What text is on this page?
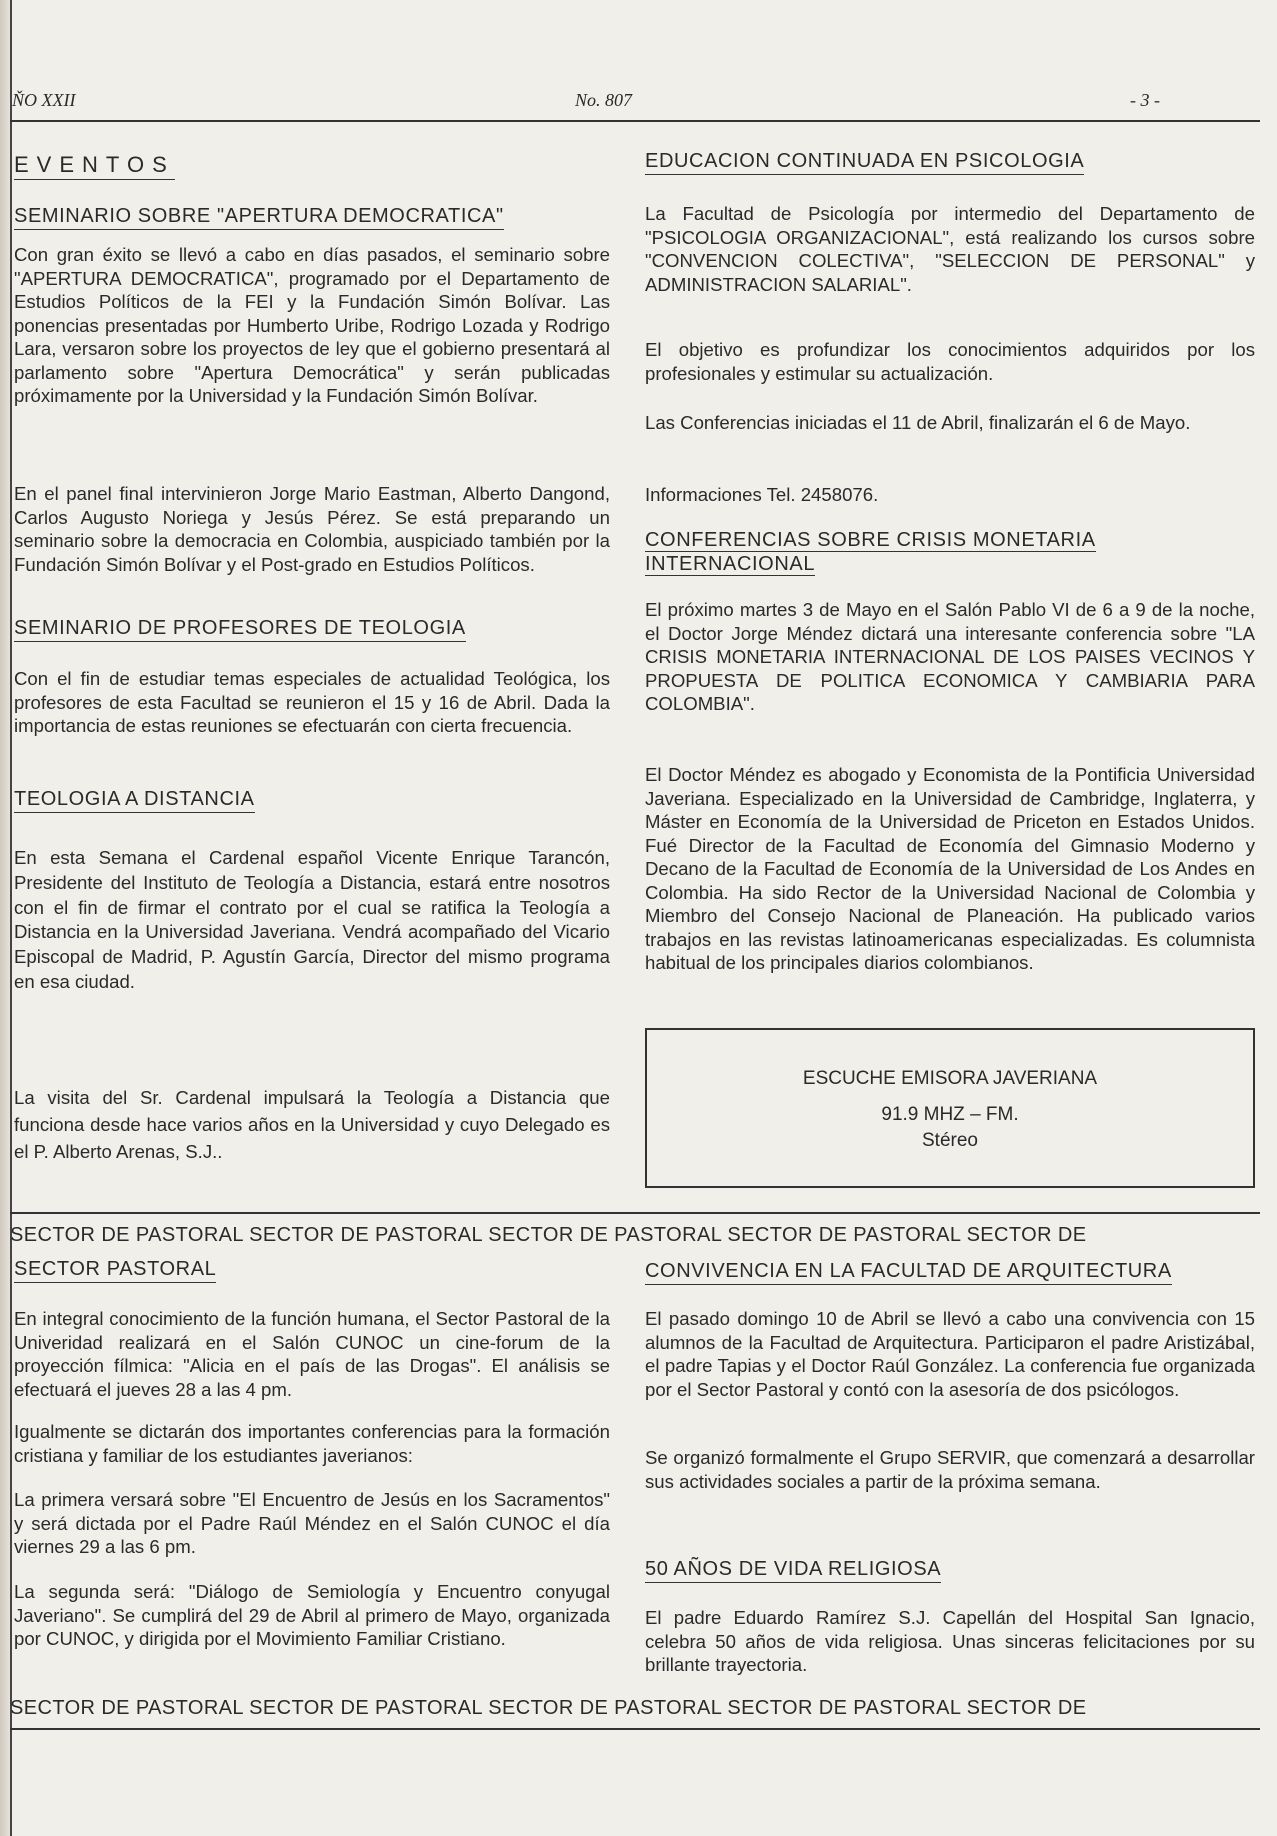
ŇO XXII	No. 807	- 3 -
EVENTOS
SEMINARIO SOBRE "APERTURA DEMOCRATICA"

Con gran éxito se llevó a cabo en días pasados, el seminario sobre "APERTURA DEMOCRATICA", programado por el Departamento de Estudios Políticos de la FEI y la Fundación Simón Bolívar. Las ponencias presentadas por Humberto Uribe, Rodrigo Lozada y Rodrigo Lara, versaron sobre los proyectos de ley que el gobierno presentará al parlamento sobre "Apertura Democrática" y serán publicadas próximamente por la Universidad y la Fundación Simón Bolívar.

En el panel final intervinieron Jorge Mario Eastman, Alberto Dangond, Carlos Augusto Noriega y Jesús Pérez. Se está preparando un seminario sobre la democracia en Colombia, auspiciado también por la Fundación Simón Bolívar y el Post-grado en Estudios Políticos.

SEMINARIO DE PROFESORES DE TEOLOGIA

Con el fin de estudiar temas especiales de actualidad Teológica, los profesores de esta Facultad se reunieron el 15 y 16 de Abril. Dada la importancia de estas reuniones se efectuarán con cierta frecuencia.

TEOLOGIA A DISTANCIA

En esta Semana el Cardenal español Vicente Enrique Tarancón, Presidente del Instituto de Teología a Distancia, estará entre nosotros con el fin de firmar el contrato por el cual se ratifica la Teología a Distancia en la Universidad Javeriana. Vendrá acompañado del Vicario Episcopal de Madrid, P. Agustín García, Director del mismo programa en esa ciudad.

La visita del Sr. Cardenal impulsará la Teología a Distancia que funciona desde hace varios años en la Universidad y cuyo Delegado es el P. Alberto Arenas, S.J..

EDUCACION CONTINUADA EN PSICOLOGIA

La Facultad de Psicología por intermedio del Departamento de "PSICOLOGIA ORGANIZACIONAL", está realizando los cursos sobre "CONVENCION COLECTIVA", "SELECCION DE PERSONAL" y ADMINISTRACION SALARIAL".

El objetivo es profundizar los conocimientos adquiridos por los profesionales y estimular su actualización.

Las Conferencias iniciadas el 11 de Abril, finalizarán el 6 de Mayo.

Informaciones Tel. 2458076.

CONFERENCIAS SOBRE CRISIS MONETARIA INTERNACIONAL

El próximo martes 3 de Mayo en el Salón Pablo VI de 6 a 9 de la noche, el Doctor Jorge Méndez dictará una interesante conferencia sobre "LA CRISIS MONETARIA INTERNACIONAL DE LOS PAISES VECINOS Y PROPUESTA DE POLITICA ECONOMICA Y CAMBIARIA PARA COLOMBIA".

El Doctor Méndez es abogado y Economista de la Pontificia Universidad Javeriana. Especializado en la Universidad de Cambridge, Inglaterra, y Máster en Economía de la Universidad de Priceton en Estados Unidos. Fué Director de la Facultad de Economía del Gimnasio Moderno y Decano de la Facultad de Economía de la Universidad de Los Andes en Colombia. Ha sido Rector de la Universidad Nacional de Colombia y Miembro del Consejo Nacional de Planeación. Ha publicado varios trabajos en las revistas latinoamericanas especializadas. Es columnista habitual de los principales diarios colombianos.

ESCUCHE EMISORA JAVERIANA
91.9 MHZ – FM.
Stéreo
SECTOR DE PASTORAL SECTOR DE PASTORAL SECTOR DE PASTORAL SECTOR DE PASTORAL SECTOR DE
SECTOR PASTORAL

En integral conocimiento de la función humana, el Sector Pastoral de la Univeridad realizará en el Salón CUNOC un cine-forum de la proyección fílmica: "Alicia en el país de las Drogas". El análisis se efectuará el jueves 28 a las 4 pm.

Igualmente se dictarán dos importantes conferencias para la formación cristiana y familiar de los estudiantes javerianos:

La primera versará sobre "El Encuentro de Jesús en los Sacramentos" y será dictada por el Padre Raúl Méndez en el Salón CUNOC el día viernes 29 a las 6 pm.

La segunda será: "Diálogo de Semiología y Encuentro conyugal Javeriano". Se cumplirá del 29 de Abril al primero de Mayo, organizada por CUNOC, y dirigida por el Movimiento Familiar Cristiano.

CONVIVENCIA EN LA FACULTAD DE ARQUITECTURA

El pasado domingo 10 de Abril se llevó a cabo una convivencia con 15 alumnos de la Facultad de Arquitectura. Participaron el padre Aristizábal, el padre Tapias y el Doctor Raúl González. La conferencia fue organizada por el Sector Pastoral y contó con la asesoría de dos psicólogos.

Se organizó formalmente el Grupo SERVIR, que comenzará a desarrollar sus actividades sociales a partir de la próxima semana.

50 AÑOS DE VIDA RELIGIOSA

El padre Eduardo Ramírez S.J. Capellán del Hospital San Ignacio, celebra 50 años de vida religiosa. Unas sinceras felicitaciones por su brillante trayectoria.

SECTOR DE PASTORAL SECTOR DE PASTORAL SECTOR DE PASTORAL SECTOR DE PASTORAL SECTOR DE
